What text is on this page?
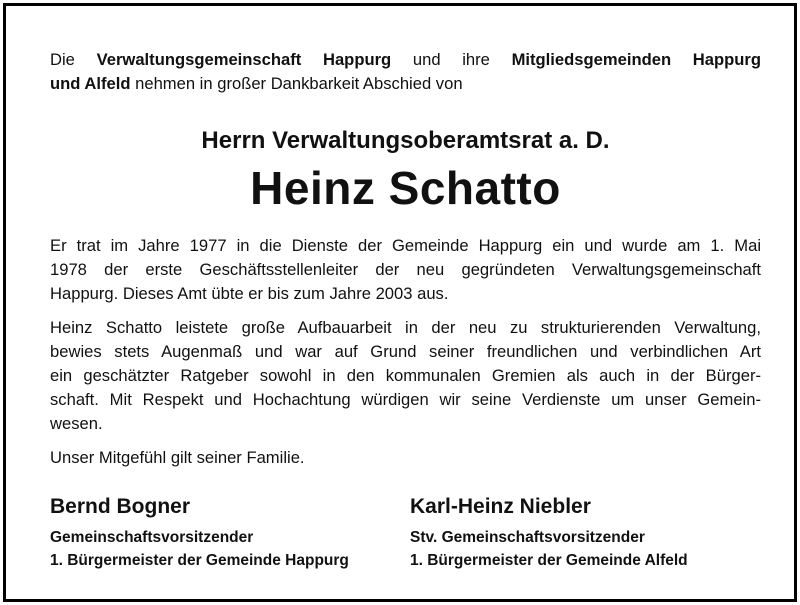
Die Verwaltungsgemeinschaft Happurg und ihre Mitgliedsgemeinden Happurg
und Alfeld nehmen in großer Dankbarkeit Abschied von

Herrn Verwaltungsoberamtsrat a. D.

Heinz Schatto

Er trat im Jahre 1977 in die Dienste der Gemeinde Happurg ein und wurde am 1. Mai
1978 der erste Geschäftsstellenleiter der neu gegründeten Verwaltungsgemeinschaft
Happurg. Dieses Amt übte er bis zum Jahre 2003 aus.

Heinz Schatto leistete große Aufbauarbeit in der neu zu strukturierenden Verwaltung,
bewies stets Augenmaß und war auf Grund seiner freundlichen und verbindlichen Art
ein geschätzter Ratgeber sowohl in den kommunalen Gremien als auch in der Bürger-
schaft. Mit Respekt und Hochachtung würdigen wir seine Verdienste um unser Gemein-
wesen.

Unser Mitgefühl gilt seiner Familie.

Bernd Bogner

Gemeinschaftsvorsitzender

1. Bürgermeister der Gemeinde Happurg

Karl-Heinz Niebler

Stv. Gemeinschaftsvorsitzender

1. Bürgermeister der Gemeinde Alfeld
